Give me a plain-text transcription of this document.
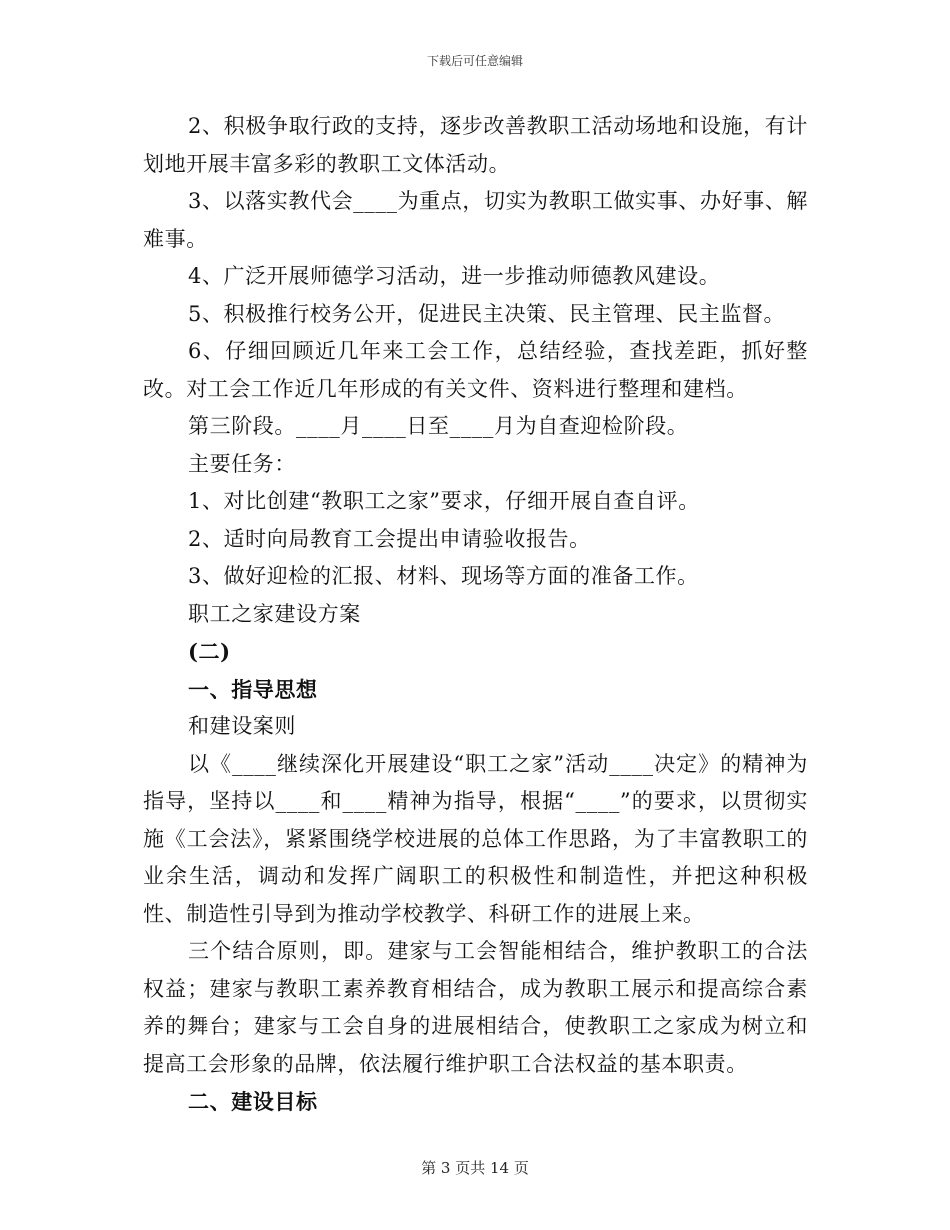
下载后可任意编辑

2、积极争取行政的支持，逐步改善教职工活动场地和设施，有计划地开展丰富多彩的教职工文体活动。

3、以落实教代会____为重点，切实为教职工做实事、办好事、解难事。

4、广泛开展师德学习活动，进一步推动师德教风建设。

5、积极推行校务公开，促进民主决策、民主管理、民主监督。

6、仔细回顾近几年来工会工作，总结经验，查找差距，抓好整改。对工会工作近几年形成的有关文件、资料进行整理和建档。

第三阶段。____月____日至____月为自查迎检阶段。

主要任务：

1、对比创建“教职工之家”要求，仔细开展自查自评。

2、适时向局教育工会提出申请验收报告。

3、做好迎检的汇报、材料、现场等方面的准备工作。

职工之家建设方案

(二)

一、指导思想

和建设案则

以《____继续深化开展建设“职工之家”活动____决定》的精神为指导，坚持以____和____精神为指导，根据“____”的要求，以贯彻实施《工会法》，紧紧围绕学校进展的总体工作思路，为了丰富教职工的业余生活，调动和发挥广阔职工的积极性和制造性，并把这种积极性、制造性引导到为推动学校教学、科研工作的进展上来。

三个结合原则，即。建家与工会智能相结合，维护教职工的合法权益；建家与教职工素养教育相结合，成为教职工展示和提高综合素养的舞台；建家与工会自身的进展相结合，使教职工之家成为树立和提高工会形象的品牌，依法履行维护职工合法权益的基本职责。

二、建设目标

第 3 页共 14 页
